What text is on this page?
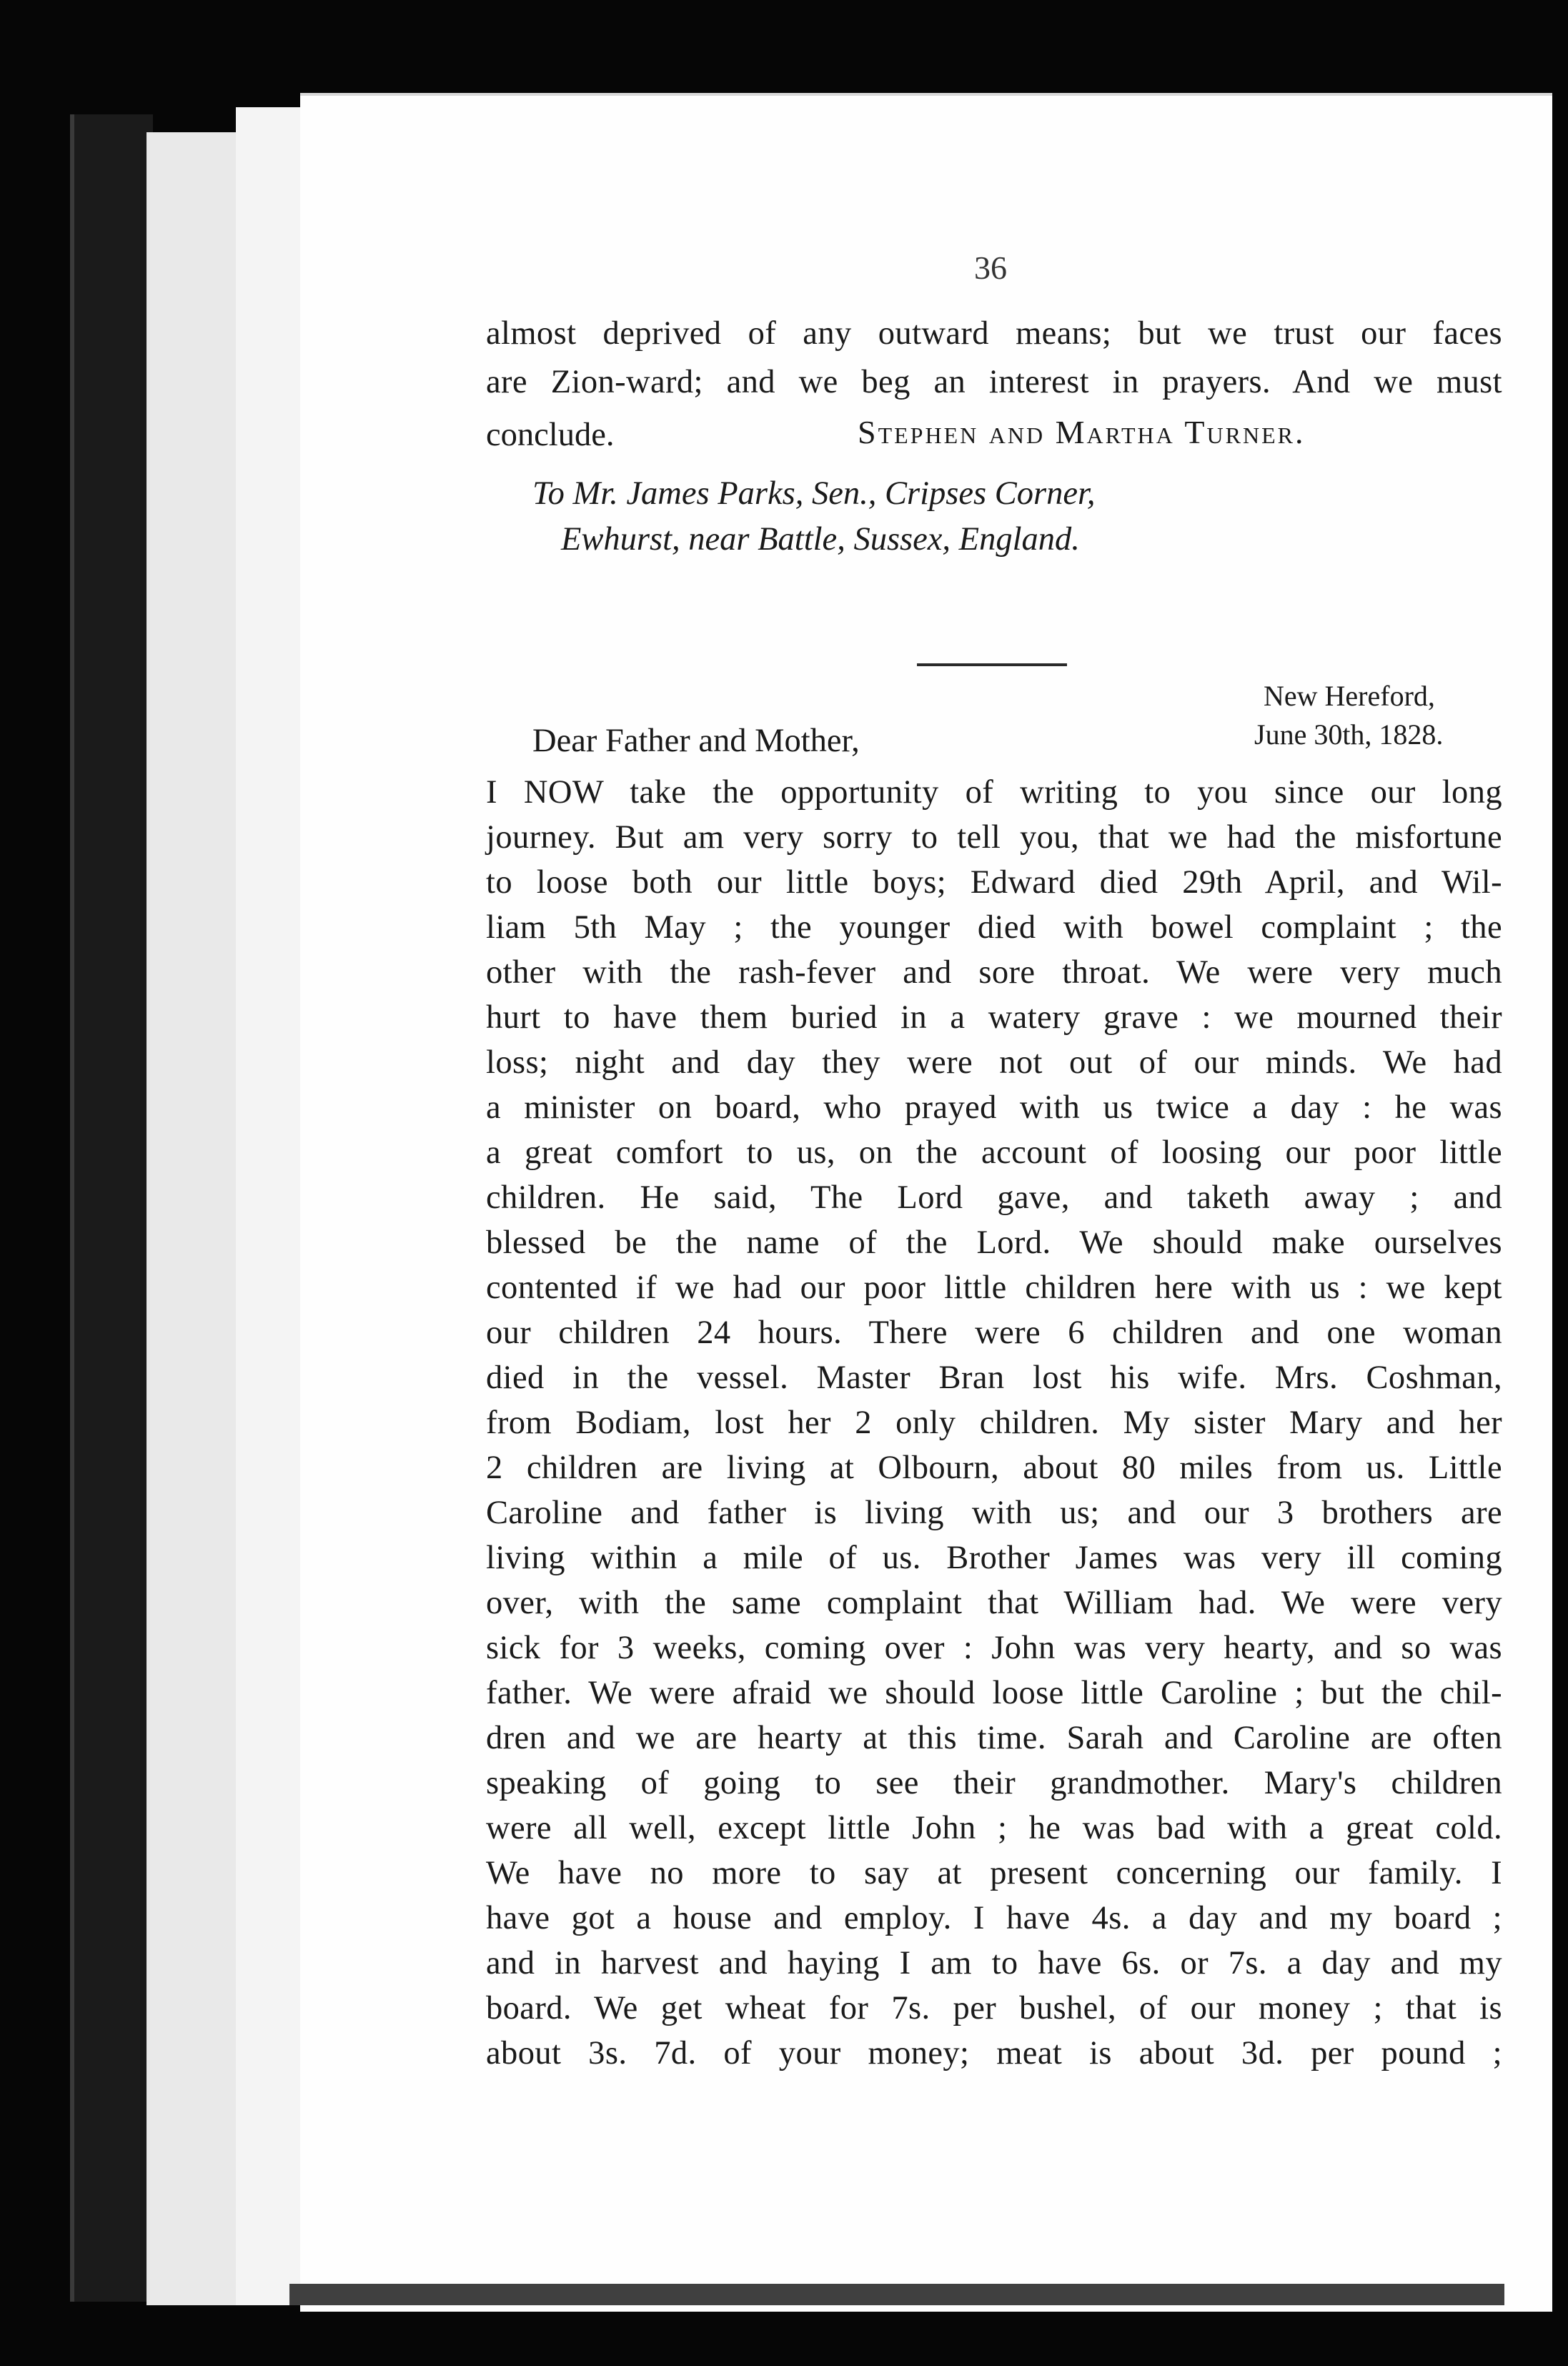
36
almost deprived of any outward means; but we trust our faces
are Zion-ward; and we beg an interest in prayers. And we must
conclude.	Stephen and Martha Turner.
To Mr. James Parks, Sen., Cripses Corner,
Ewhurst, near Battle, Sussex, England.
New Hereford,
June 30th, 1828.
Dear Father and Mother,
I NOW take the opportunity of writing to you since our long
journey. But am very sorry to tell you, that we had the misfortune
to loose both our little boys; Edward died 29th April, and Wil-
liam 5th May ; the younger died with bowel complaint ; the
other with the rash-fever and sore throat. We were very much
hurt to have them buried in a watery grave : we mourned their
loss; night and day they were not out of our minds. We had
a minister on board, who prayed with us twice a day : he was
a great comfort to us, on the account of loosing our poor little
children. He said, The Lord gave, and taketh away ; and
blessed be the name of the Lord. We should make ourselves
contented if we had our poor little children here with us : we kept
our children 24 hours. There were 6 children and one woman
died in the vessel. Master Bran lost his wife. Mrs. Coshman,
from Bodiam, lost her 2 only children. My sister Mary and her
2 children are living at Olbourn, about 80 miles from us. Little
Caroline and father is living with us; and our 3 brothers are
living within a mile of us. Brother James was very ill coming
over, with the same complaint that William had. We were very
sick for 3 weeks, coming over : John was very hearty, and so was
father. We were afraid we should loose little Caroline ; but the chil-
dren and we are hearty at this time. Sarah and Caroline are often
speaking of going to see their grandmother. Mary's children
were all well, except little John ; he was bad with a great cold.
We have no more to say at present concerning our family. I
have got a house and employ. I have 4s. a day and my board ;
and in harvest and haying I am to have 6s. or 7s. a day and my
board. We get wheat for 7s. per bushel, of our money ; that is
about 3s. 7d. of your money; meat is about 3d. per pound ;
